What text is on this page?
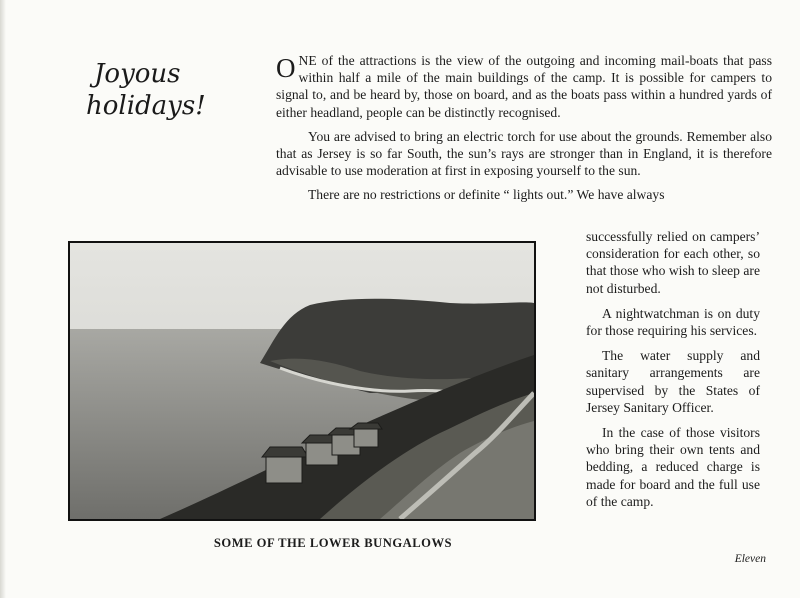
Joyous
holidays!

ONE of the attractions is the view of the outgoing and incoming mail-boats that pass within half a mile of the main buildings of the camp. It is possible for campers to signal to, and be heard by, those on board, and as the boats pass within a hundred yards of either headland, people can be distinctly recognised.

You are advised to bring an electric torch for use about the grounds. Remember also that as Jersey is so far South, the sun’s rays are stronger than in England, it is therefore advisable to use moderation at first in exposing yourself to the sun.

There are no restrictions or definite “ lights out.” We have always

successfully relied on campers’ consideration for each other, so that those who wish to sleep are not disturbed.

A nightwatchman is on duty for those requiring his services.

The water supply and sanitary arrangements are supervised by the States of Jersey Sanitary Officer.

In the case of those visitors who bring their own tents and bedding, a reduced charge is made for board and the full use of the camp.

SOME OF THE LOWER BUNGALOWS
Eleven
